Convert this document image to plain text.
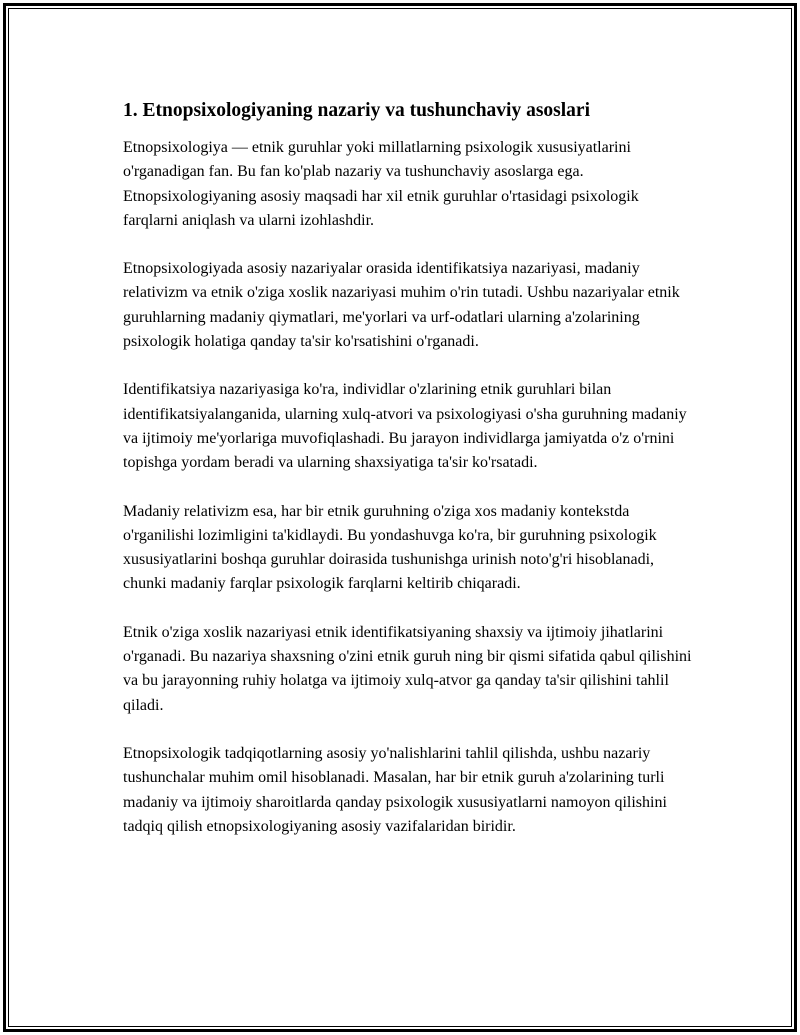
1. Etnopsixologiyaning nazariy va tushunchaviy asoslari

Etnopsixologiya — etnik guruhlar yoki millatlarning psixologik xususiyatlarini o'rganadigan fan. Bu fan ko'plab nazariy va tushunchaviy asoslarga ega. Etnopsixologiyaning asosiy maqsadi har xil etnik guruhlar o'rtasidagi psixologik farqlarni aniqlash va ularni izohlashdir.

Etnopsixologiyada asosiy nazariyalar orasida identifikatsiya nazariyasi, madaniy relativizm va etnik o'ziga xoslik nazariyasi muhim o'rin tutadi. Ushbu nazariyalar etnik guruhlarning madaniy qiymatlari, me'yorlari va urf-odatlari ularning a'zolarining psixologik holatiga qanday ta'sir ko'rsatishini o'rganadi.

Identifikatsiya nazariyasiga ko'ra, individlar o'zlarining etnik guruhlari bilan identifikatsiyalanganida, ularning xulq-atvori va psixologiyasi o'sha guruhning madaniy va ijtimoiy me'yorlariga muvofiqlashadi. Bu jarayon individlarga jamiyatda o'z o'rnini topishga yordam beradi va ularning shaxsiyatiga ta'sir ko'rsatadi.

Madaniy relativizm esa, har bir etnik guruhning o'ziga xos madaniy kontekstda o'rganilishi lozimligini ta'kidlaydi. Bu yondashuvga ko'ra, bir guruhning psixologik xususiyatlarini boshqa guruhlar doirasida tushunishga urinish noto'g'ri hisoblanadi, chunki madaniy farqlar psixologik farqlarni keltirib chiqaradi.

Etnik o'ziga xoslik nazariyasi etnik identifikatsiyaning shaxsiy va ijtimoiy jihatlarini o'rganadi. Bu nazariya shaxsning o'zini etnik guruh ning bir qismi sifatida qabul qilishini va bu jarayonning ruhiy holatga va ijtimoiy xulq-atvor ga qanday ta'sir qilishini tahlil qiladi.

Etnopsixologik tadqiqotlarning asosiy yo'nalishlarini tahlil qilishda, ushbu nazariy tushunchalar muhim omil hisoblanadi. Masalan, har bir etnik guruh a'zolarining turli madaniy va ijtimoiy sharoitlarda qanday psixologik xususiyatlarni namoyon qilishini tadqiq qilish etnopsixologiyaning asosiy vazifalaridan biridir.
